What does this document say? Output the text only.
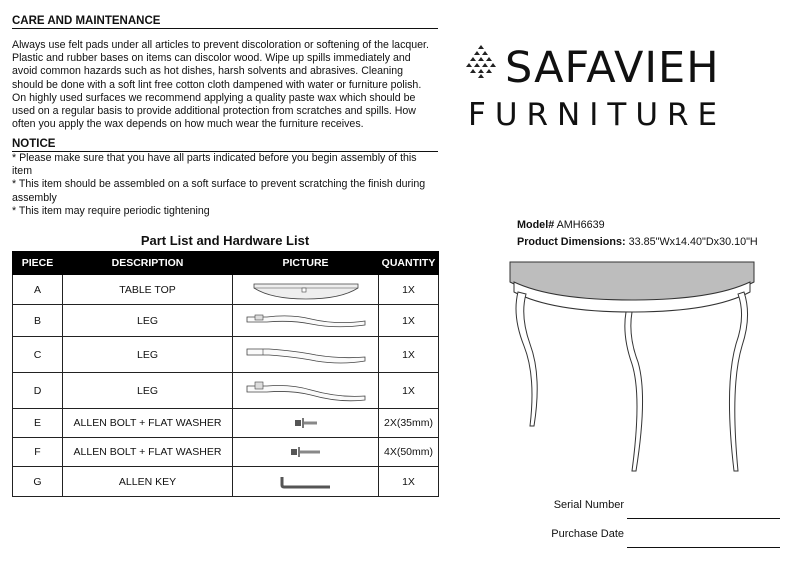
CARE AND MAINTENANCE

Always use felt pads under all articles to prevent discoloration or softening of the lacquer.
Plastic and rubber bases on items can discolor wood. Wipe up spills immediately and
avoid common hazards such as hot dishes, harsh solvents and abrasives. Cleaning
should be done with a soft lint free cotton cloth dampened with water or furniture polish.
On highly used surfaces we recommend applying a quality paste wax which should be
used on a regular basis to provide additional protection from scratches and spills. How
often you apply the wax depends on how much wear the furniture receives.

NOTICE

* Please make sure that you have all parts indicated before you begin assembly of this
item
* This item should be assembled on a soft surface to prevent scratching the finish during
assembly
* This item may require periodic tightening

Part List and Hardware List
PIECE	DESCRIPTION	PICTURE	QUANTITY
A	TABLE TOP		1X
B	LEG		1X
C	LEG		1X
D	LEG		1X
E	ALLEN BOLT + FLAT WASHER		2X(35mm)
F	ALLEN BOLT + FLAT WASHER		4X(50mm)
G	ALLEN KEY		1X
SAFAVIEH
FURNITURE
Model# AMH6639
Product Dimensions: 33.85"Wx14.40"Dx30.10"H
Serial Number
Purchase Date
